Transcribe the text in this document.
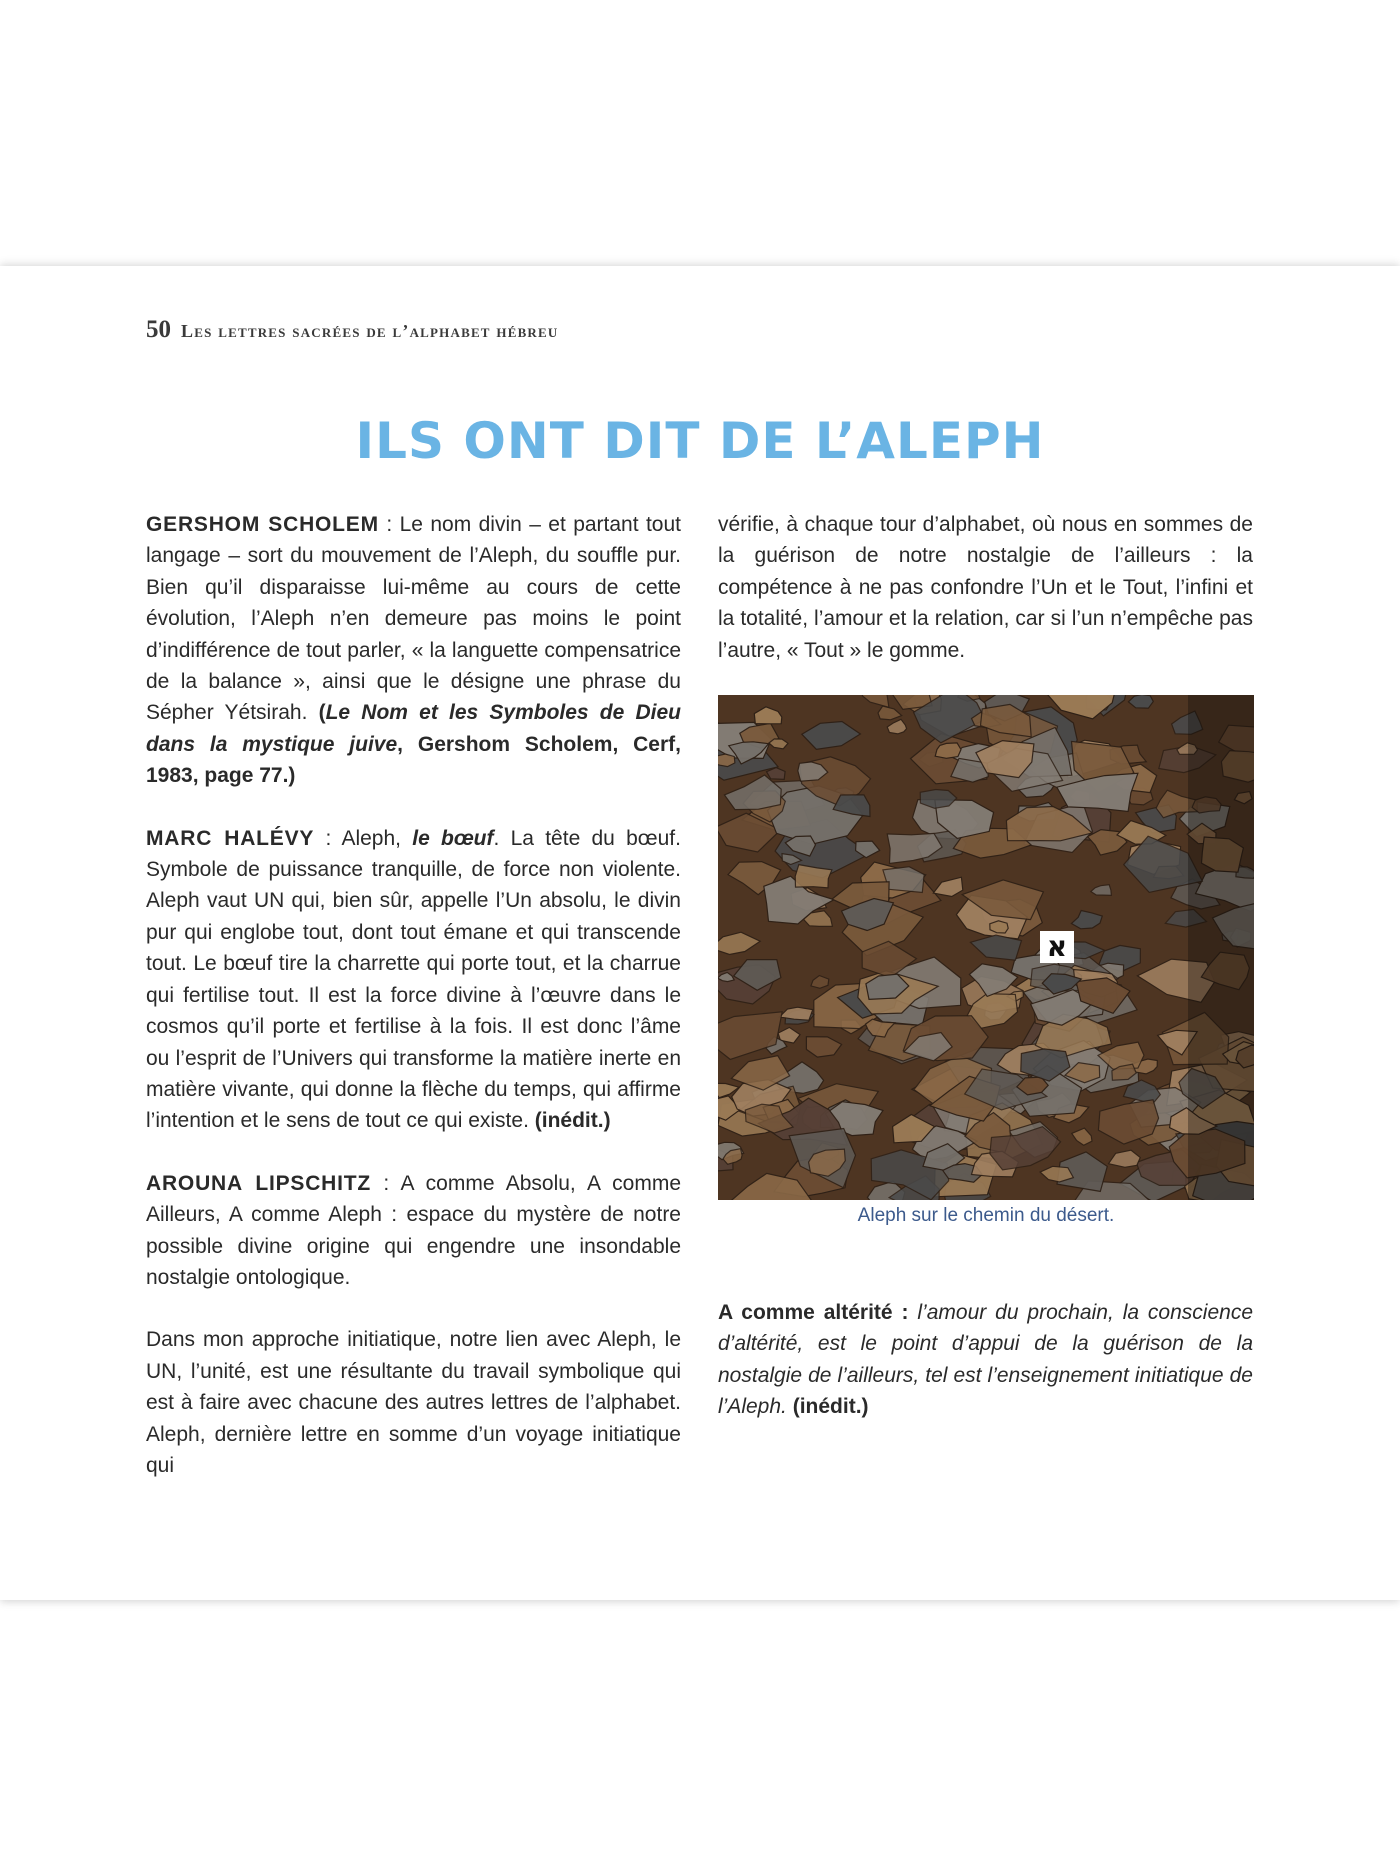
50 Les lettres sacrées de l’alphabet hébreu
ILS ONT DIT DE L’ALEPH

GERSHOM SCHOLEM : Le nom divin – et partant tout langage – sort du mouvement de l’Aleph, du souffle pur. Bien qu’il disparaisse lui-même au cours de cette évolution, l’Aleph n’en demeure pas moins le point d’indifférence de tout parler, « la languette compensatrice de la balance », ainsi que le désigne une phrase du Sépher Yétsirah. (Le Nom et les Symboles de Dieu dans la mystique juive, Gershom Scholem, Cerf, 1983, page 77.)

MARC HALÉVY : Aleph, le bœuf. La tête du bœuf. Symbole de puissance tranquille, de force non violente. Aleph vaut UN qui, bien sûr, appelle l’Un absolu, le divin pur qui englobe tout, dont tout émane et qui transcende tout. Le bœuf tire la charrette qui porte tout, et la charrue qui fertilise tout. Il est la force divine à l’œuvre dans le cosmos qu’il porte et fertilise à la fois. Il est donc l’âme ou l’esprit de l’Univers qui transforme la matière inerte en matière vivante, qui donne la flèche du temps, qui affirme l’intention et le sens de tout ce qui existe. (inédit.)

AROUNA LIPSCHITZ : A comme Absolu, A comme Ailleurs, A comme Aleph : espace du mystère de notre possible divine origine qui engendre une insondable nostalgie ontologique.

Dans mon approche initiatique, notre lien avec Aleph, le UN, l’unité, est une résultante du travail symbolique qui est à faire avec chacune des autres lettres de l’alphabet. Aleph, dernière lettre en somme d’un voyage initiatique qui

vérifie, à chaque tour d’alphabet, où nous en sommes de la guérison de notre nostalgie de l’ailleurs : la compétence à ne pas confondre l’Un et le Tout, l’infini et la totalité, l’amour et la relation, car si l’un n’empêche pas l’autre, « Tout » le gomme.

א
Aleph sur le chemin du désert.

A comme altérité : l’amour du prochain, la conscience d’altérité, est le point d’appui de la guérison de la nostalgie de l’ailleurs, tel est l’enseignement initiatique de l’Aleph. (inédit.)
